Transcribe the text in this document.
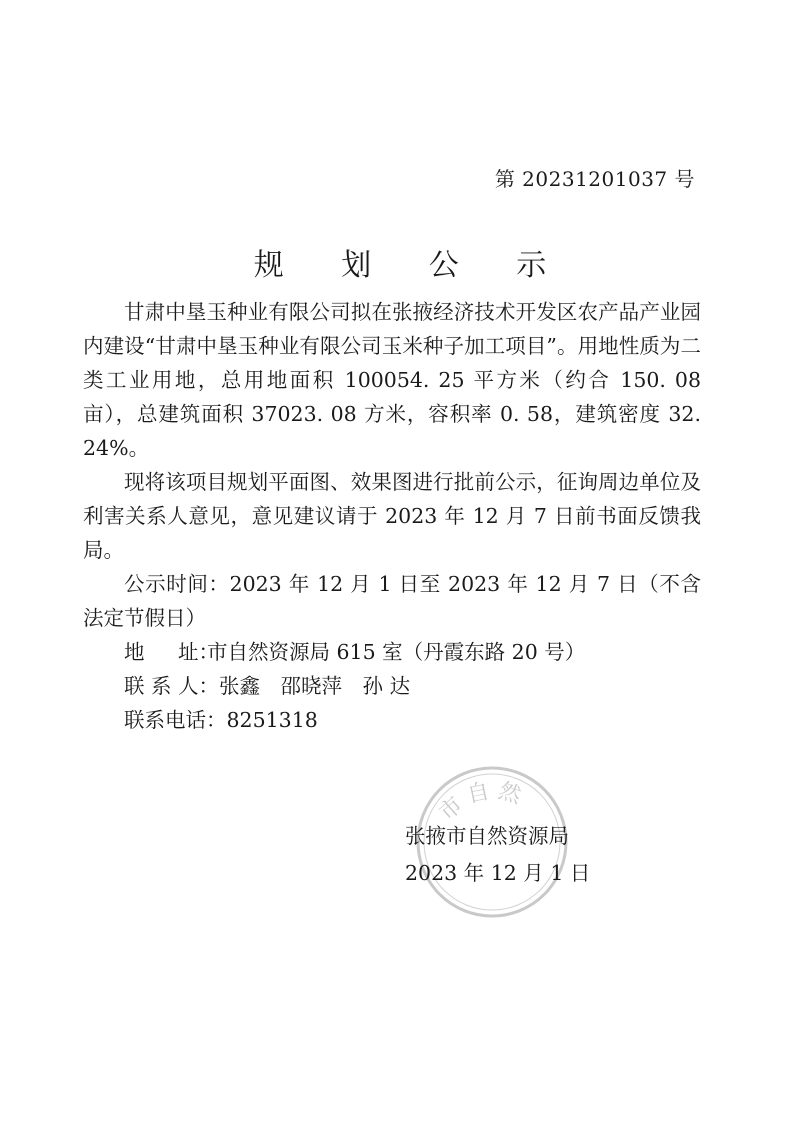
第 20231201037 号
规 划 公 示

甘肃中垦玉种业有限公司拟在张掖经济技术开发区农产品产业园内建设“甘肃中垦玉种业有限公司玉米种子加工项目”。用地性质为二类工业用地，总用地面积 100054. 25 平方米（约合 150. 08 亩），总建筑面积 37023. 08 方米，容积率 0. 58，建筑密度 32. 24%。

现将该项目规划平面图、效果图进行批前公示，征询周边单位及利害关系人意见，意见建议请于 2023 年 12 月 7 日前书面反馈我局。

公示时间：2023 年 12 月 1 日至 2023 年 12 月 7 日（不含法定节假日）

地 址：市自然资源局 615 室（丹霞东路 20 号）

联 系 人：张鑫　邵晓萍　孙 达

联系电话：8251318

市自然
张掖市自然资源局
2023 年 12 月 1 日
